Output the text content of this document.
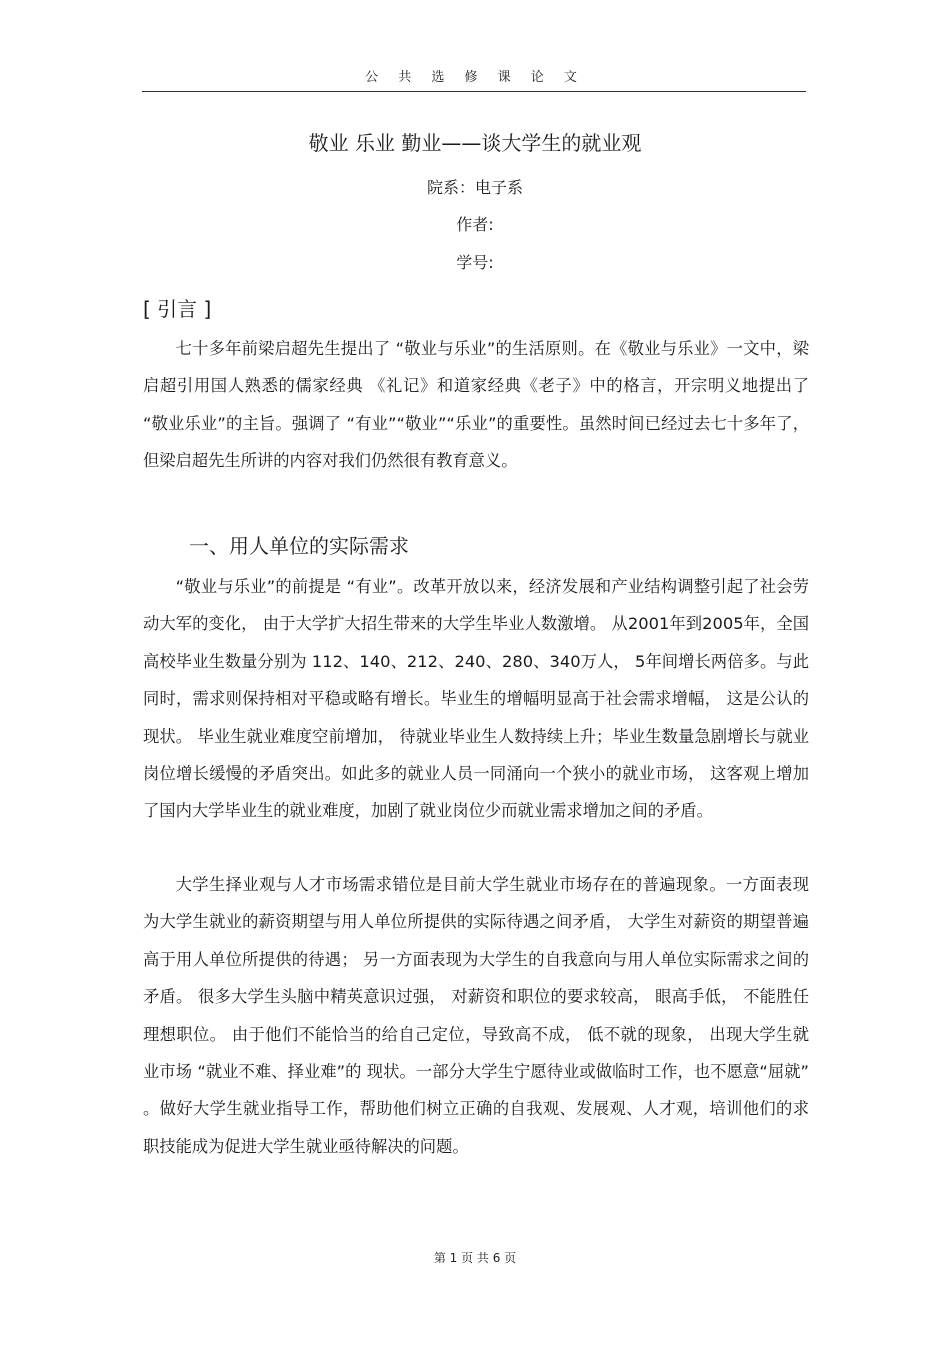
公 共 选 修 课 论 文
敬业 乐业 勤业——谈大学生的就业观
院系：电子系
作者:
学号:
[ 引言 ]

七十多年前梁启超先生提出了 “敬业与乐业”的生活原则。在《敬业与乐业》一文中，梁启超引用国人熟悉的儒家经典 《礼记》和道家经典《老子》中的格言，开宗明义地提出了 “敬业乐业”的主旨。强调了 “有业”“敬业”“乐业”的重要性。虽然时间已经过去七十多年了，但梁启超先生所讲的内容对我们仍然很有教育意义。

一、用人单位的实际需求

“敬业与乐业”的前提是 “有业”。改革开放以来，经济发展和产业结构调整引起了社会劳动大军的变化， 由于大学扩大招生带来的大学生毕业人数激增。 从2001年到2005年，全国高校毕业生数量分别为 112、140、212、240、280、340万人， 5年间增长两倍多。与此同时，需求则保持相对平稳或略有增长。毕业生的增幅明显高于社会需求增幅， 这是公认的现状。 毕业生就业难度空前增加， 待就业毕业生人数持续上升；毕业生数量急剧增长与就业岗位增长缓慢的矛盾突出。如此多的就业人员一同涌向一个狭小的就业市场， 这客观上增加了国内大学毕业生的就业难度，加剧了就业岗位少而就业需求增加之间的矛盾。

大学生择业观与人才市场需求错位是目前大学生就业市场存在的普遍现象。一方面表现为大学生就业的薪资期望与用人单位所提供的实际待遇之间矛盾， 大学生对薪资的期望普遍高于用人单位所提供的待遇； 另一方面表现为大学生的自我意向与用人单位实际需求之间的矛盾。 很多大学生头脑中精英意识过强， 对薪资和职位的要求较高， 眼高手低， 不能胜任理想职位。 由于他们不能恰当的给自己定位，导致高不成， 低不就的现象， 出现大学生就业市场 “就业不难、择业难”的 现状。一部分大学生宁愿待业或做临时工作，也不愿意“屈就” 。做好大学生就业指导工作，帮助他们树立正确的自我观、发展观、人才观，培训他们的求职技能成为促进大学生就业亟待解决的问题。

第 1 页 共 6 页
